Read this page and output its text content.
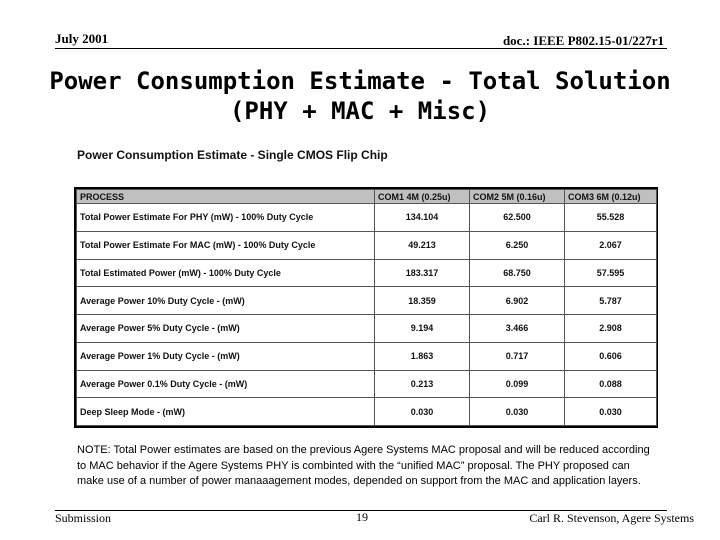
July 2001	doc.: IEEE P802.15-01/227r1
Power Consumption Estimate - Total Solution
(PHY + MAC + Misc)
Power Consumption Estimate - Single CMOS Flip Chip
PROCESS	COM1 4M (0.25u)	COM2 5M (0.16u)	COM3 6M (0.12u)
Total Power Estimate For PHY (mW) - 100% Duty Cycle	134.104	62.500	55.528
Total Power Estimate For MAC (mW) - 100% Duty Cycle	49.213	6.250	2.067
Total Estimated Power (mW) - 100% Duty Cycle	183.317	68.750	57.595
Average Power 10% Duty Cycle - (mW)	18.359	6.902	5.787
Average Power 5% Duty Cycle - (mW)	9.194	3.466	2.908
Average Power 1% Duty Cycle - (mW)	1.863	0.717	0.606
Average Power 0.1% Duty Cycle - (mW)	0.213	0.099	0.088
Deep Sleep Mode - (mW)	0.030	0.030	0.030
NOTE: Total Power estimates are based on the previous Agere Systems MAC proposal and will be reduced according to MAC behavior if the Agere Systems PHY is combinted with the “unified MAC” proposal. The PHY proposed can make use of a number of power manaaagement modes, depended on support from the MAC and application layers.
Submission	19	Carl R. Stevenson, Agere Systems
